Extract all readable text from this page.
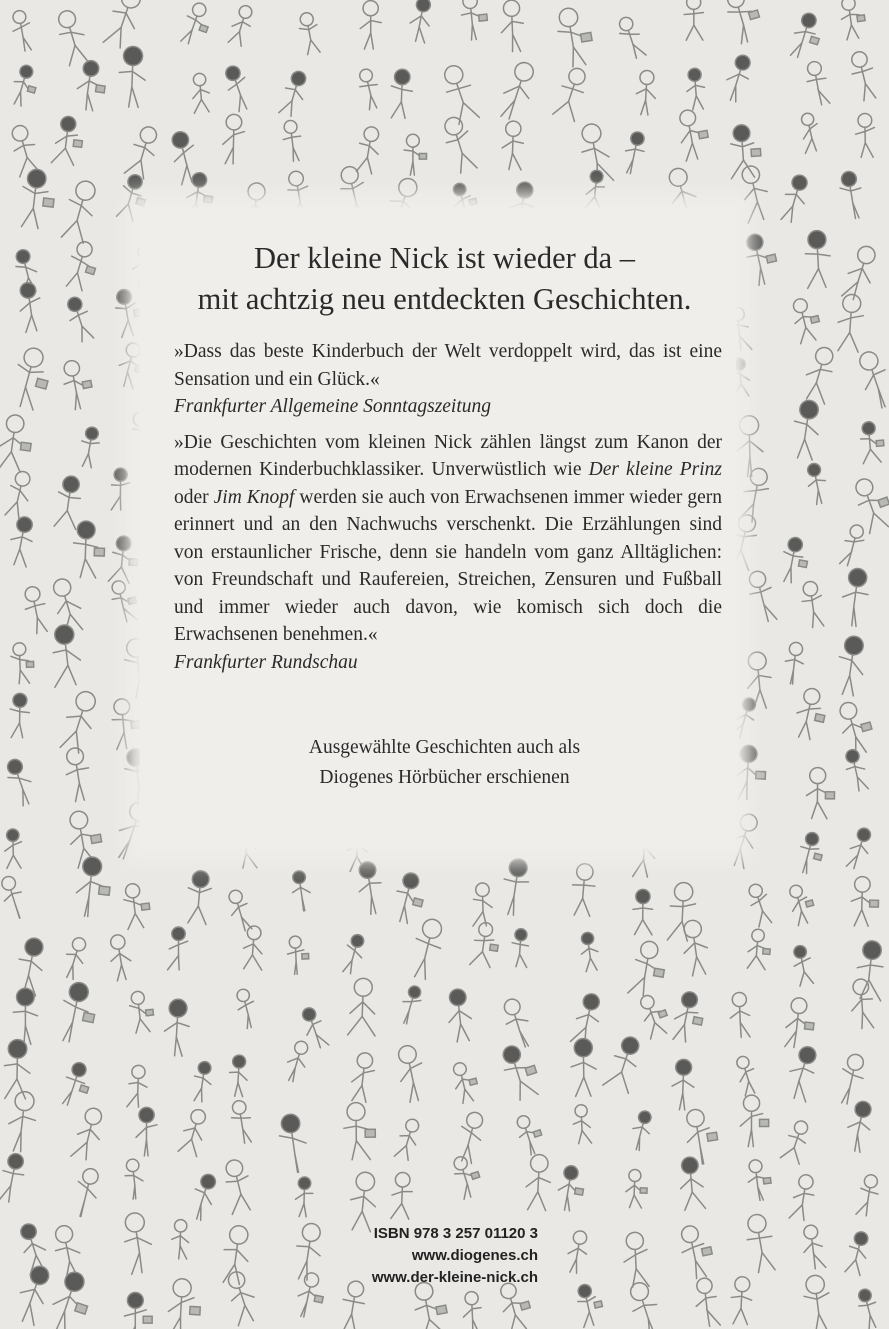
Der kleine Nick ist wieder da –
mit achtzig neu entdeckten Geschichten.

»Dass das beste Kinderbuch der Welt verdoppelt wird, das ist eine Sensation und ein Glück.«
Frankfurter Allgemeine Sonntagszeitung

»Die Geschichten vom kleinen Nick zählen längst zum Kanon der modernen Kinderbuchklassiker. Unverwüstlich wie Der kleine Prinz oder Jim Knopf werden sie auch von Erwachsenen immer wieder gern erinnert und an den Nachwuchs verschenkt. Die Erzählungen sind von erstaunlicher Frische, denn sie handeln vom ganz Alltäglichen: von Freundschaft und Raufereien, Streichen, Zensuren und Fußball und immer wieder auch davon, wie komisch sich doch die Erwachsenen benehmen.«
Frankfurter Rundschau

Ausgewählte Geschichten auch als
Diogenes Hörbücher erschienen
ISBN 978 3 257 01120 3
www.diogenes.ch
www.der-kleine-nick.ch
